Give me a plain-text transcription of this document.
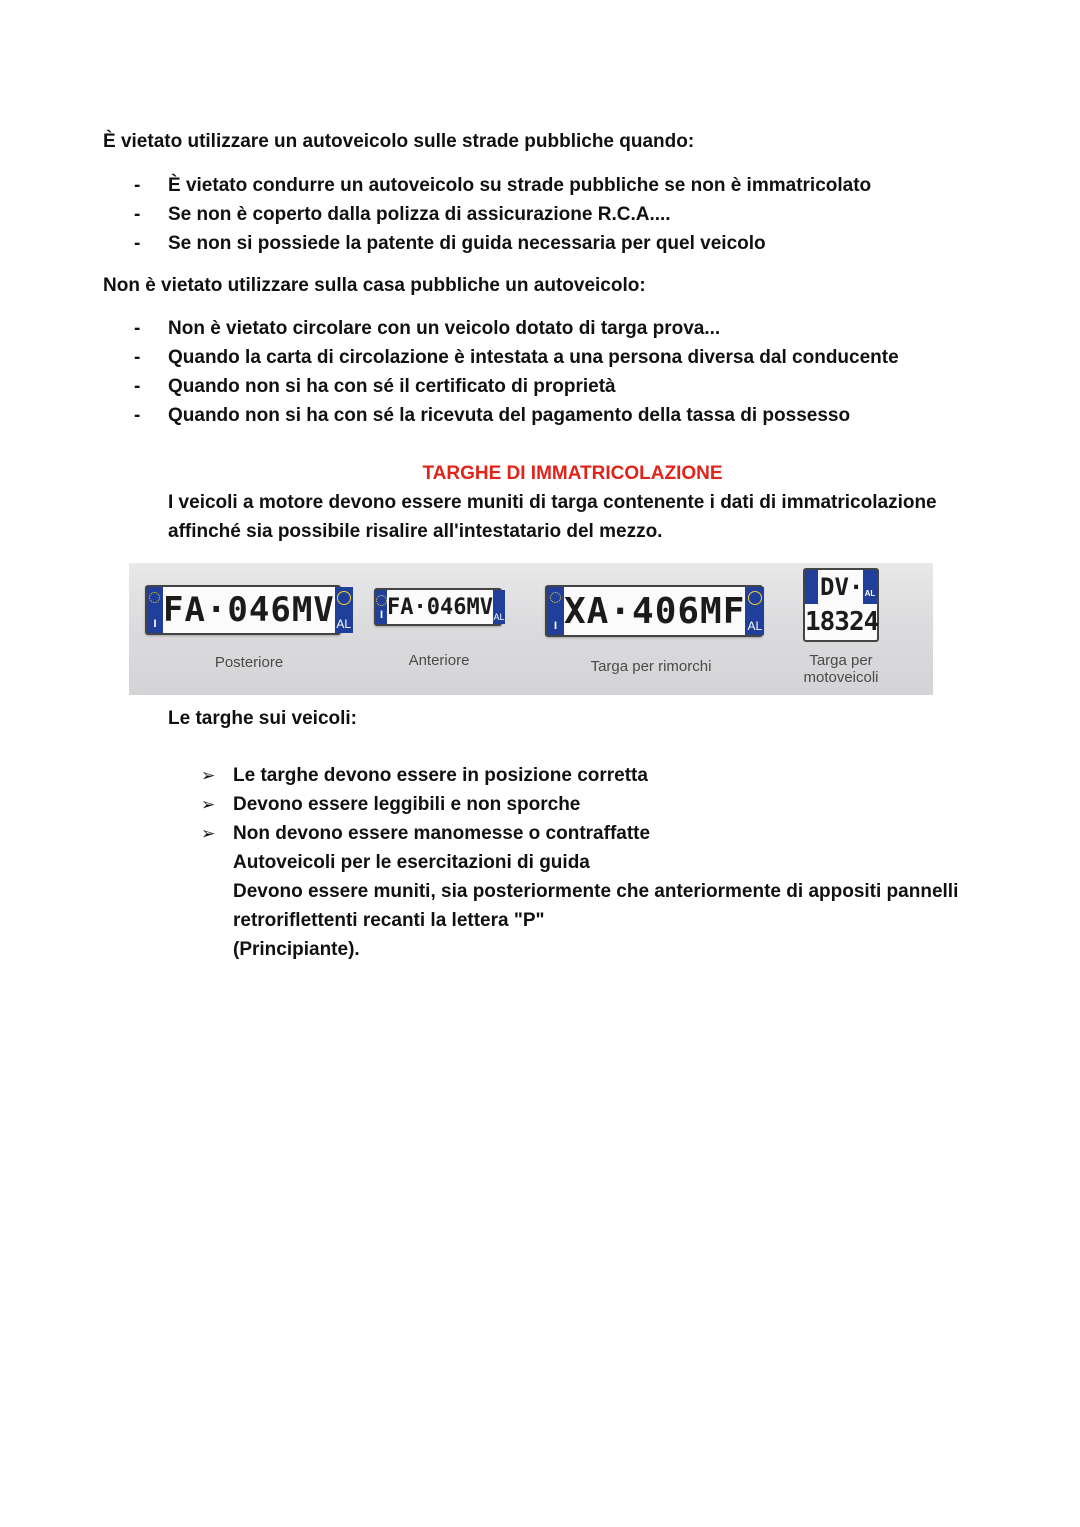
È vietato utilizzare un autoveicolo sulle strade pubbliche quando:
- È vietato condurre un autoveicolo su strade pubbliche se non è immatricolato
- Se non è coperto dalla polizza di assicurazione R.C.A....
- Se non si possiede la patente di guida necessaria per quel veicolo
Non è vietato utilizzare sulla casa pubbliche un autoveicolo:
- Non è vietato circolare con un veicolo dotato di targa prova...
- Quando la carta di circolazione è intestata a una persona diversa dal conducente
- Quando non si ha con sé il certificato di proprietà
- Quando non si ha con sé la ricevuta del pagamento della tassa di possesso
TARGHE DI IMMATRICOLAZIONE
I veicoli a motore devono essere muniti di targa contenente i dati di immatricolazione
affinché sia possibile risalire all'intestatario del mezzo.
I
FA·046MV AL
Posteriore
I
FA·046MV AL
Anteriore
I
XA·406MF AL
Targa per rimorchi
DV· AL
18324
Targa per
motoveicoli
Le targhe sui veicoli:
➢ Le targhe devono essere in posizione corretta
➢ Devono essere leggibili e non sporche
➢ Non devono essere manomesse o contraffatte
Autoveicoli per le esercitazioni di guida
Devono essere muniti, sia posteriormente che anteriormente di appositi pannelli
retroriflettenti recanti la lettera "P"
(Principiante).
